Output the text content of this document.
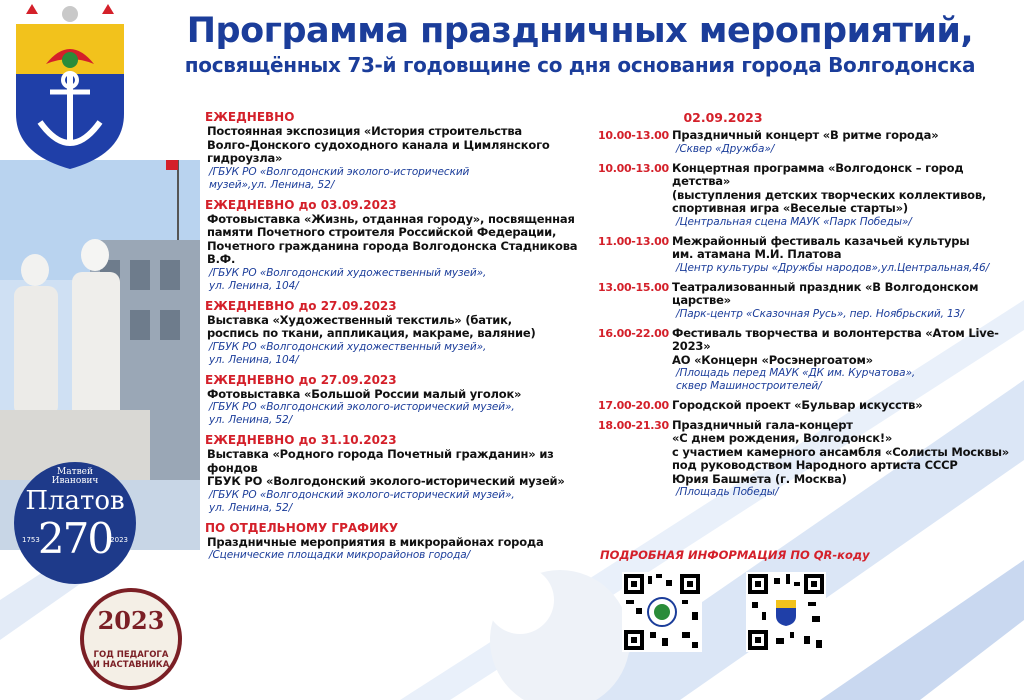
Программа праздничных мероприятий,
посвящённых 73-й годовщине со дня основания города Волгодонска
ЕЖЕДНЕВНО
Постоянная экспозиция «История строительства
Волго-Донского судоходного канала и Цимлянского гидроузла»
/ГБУК РО «Волгодонский эколого-исторический
музей»,ул. Ленина, 52/
ЕЖЕДНЕВНО до 03.09.2023
Фотовыставка «Жизнь, отданная городу», посвященная
памяти Почетного строителя Российской Федерации,
Почетного гражданина города Волгодонска Стадникова В.Ф.
/ГБУК РО «Волгодонский художественный музей»,
ул. Ленина, 104/
ЕЖЕДНЕВНО до 27.09.2023
Выставка «Художественный текстиль» (батик,
роспись по ткани, аппликация, макраме, валяние)
/ГБУК РО «Волгодонский художественный музей»,
ул. Ленина, 104/
ЕЖЕДНЕВНО до 27.09.2023
Фотовыставка «Большой России малый уголок»
/ГБУК РО «Волгодонский эколого-исторический музей»,
ул. Ленина, 52/
ЕЖЕДНЕВНО до 31.10.2023
Выставка «Родного города Почетный гражданин» из фондов
ГБУК РО «Волгодонский эколого-исторический музей»
/ГБУК РО «Волгодонский эколого-исторический музей»,
ул. Ленина, 52/
ПО ОТДЕЛЬНОМУ ГРАФИКУ
Праздничные мероприятия в микрорайонах города
/Сценические площадки микрорайонов города/
02.09.2023
10.00-13.00 Праздничный концерт «В ритме города»
/Сквер «Дружба»/
10.00-13.00 Концертная программа «Волгодонск – город детства»
(выступления детских творческих коллективов,
спортивная игра «Веселые старты»)
/Центральная сцена МАУК «Парк Победы»/
11.00-13.00 Межрайонный фестиваль казачьей культуры
им. атамана М.И. Платова
/Центр культуры «Дружбы народов»,ул.Центральная,46/
13.00-15.00 Театрализованный праздник «В Волгодонском царстве»
/Парк-центр «Сказочная Русь», пер. Ноябрьский, 13/
16.00-22.00 Фестиваль творчества и волонтерства «Атом Live-2023»
АО «Концерн «Росэнергоатом»
/Площадь перед МАУК «ДК им. Курчатова»,
сквер Машиностроителей/
17.00-20.00 Городской проект «Бульвар искусств»
18.00-21.30 Праздничный гала-концерт
«С днем рождения, Волгодонск!»
с участием камерного ансамбля «Солисты Москвы»
под руководством Народного артиста СССР
Юрия Башмета (г. Москва)
/Площадь Победы/
ПОДРОБНАЯ ИНФОРМАЦИЯ ПО QR-коду
Матвей
Иванович
Платов
270
1753	2023
2023
ГОД ПЕДАГОГА
И НАСТАВНИКА
